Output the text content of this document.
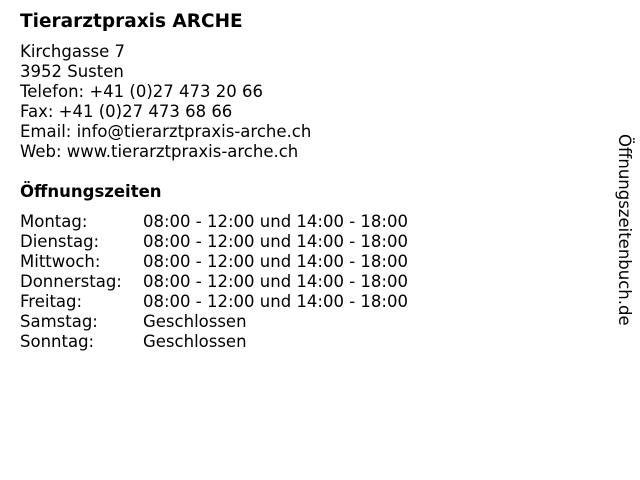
Tierarztpraxis ARCHE
Kirchgasse 7
3952 Susten
Telefon: +41 (0)27 473 20 66
Fax: +41 (0)27 473 68 66
Email: info@tierarztpraxis-arche.ch
Web: www.tierarztpraxis-arche.ch
Öffnungszeiten
Montag:	08:00 - 12:00 und 14:00 - 18:00
Dienstag:	08:00 - 12:00 und 14:00 - 18:00
Mittwoch:	08:00 - 12:00 und 14:00 - 18:00
Donnerstag:	08:00 - 12:00 und 14:00 - 18:00
Freitag:	08:00 - 12:00 und 14:00 - 18:00
Samstag:	Geschlossen
Sonntag:	Geschlossen
Öffnungszeitenbuch.de
